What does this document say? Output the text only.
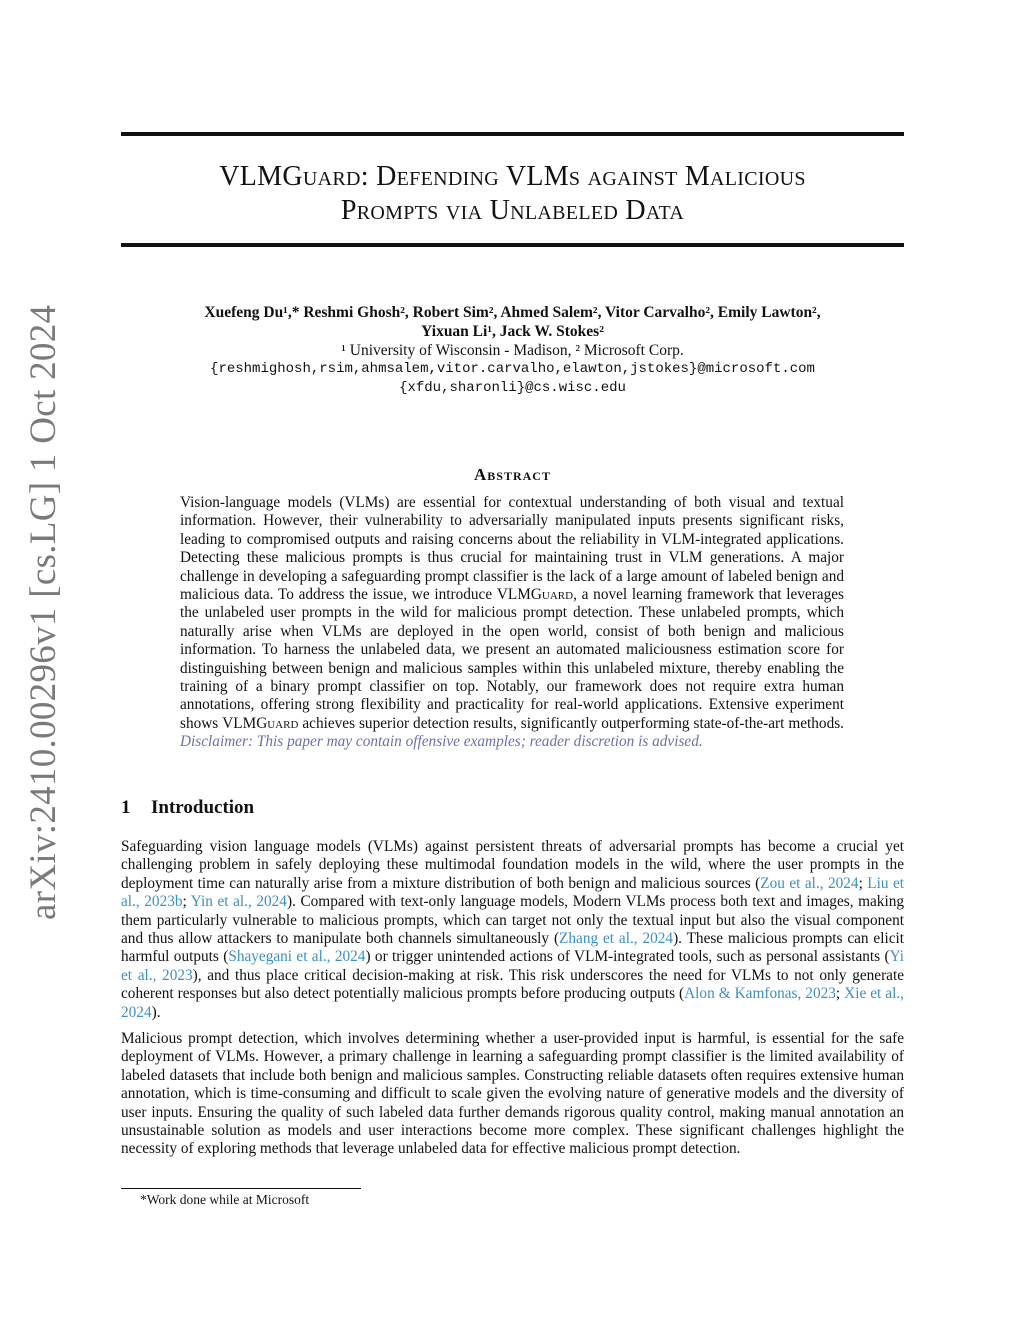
arXiv:2410.00296v1 [cs.LG] 1 Oct 2024
VLMGuard: Defending VLMs against Malicious
Prompts via Unlabeled Data
Xuefeng Du¹,* Reshmi Ghosh², Robert Sim², Ahmed Salem², Vitor Carvalho², Emily Lawton²,
Yixuan Li¹, Jack W. Stokes²
¹ University of Wisconsin - Madison, ² Microsoft Corp.
{reshmighosh,rsim,ahmsalem,vitor.carvalho,elawton,jstokes}@microsoft.com
{xfdu,sharonli}@cs.wisc.edu
Abstract
Vision-language models (VLMs) are essential for contextual understanding of both visual and textual information. However, their vulnerability to adversarially manipulated inputs presents significant risks, leading to compromised outputs and raising concerns about the reliability in VLM-integrated applications. Detecting these malicious prompts is thus crucial for maintaining trust in VLM generations. A major challenge in developing a safeguarding prompt classifier is the lack of a large amount of labeled benign and malicious data. To address the issue, we introduce VLMGuard, a novel learning framework that leverages the unlabeled user prompts in the wild for malicious prompt detection. These unlabeled prompts, which naturally arise when VLMs are deployed in the open world, consist of both benign and malicious information. To harness the unlabeled data, we present an automated maliciousness estimation score for distinguishing between benign and malicious samples within this unlabeled mixture, thereby enabling the training of a binary prompt classifier on top. Notably, our framework does not require extra human annotations, offering strong flexibility and practicality for real-world applications. Extensive experiment shows VLMGuard achieves superior detection results, significantly outperforming state-of-the-art methods. Disclaimer: This paper may contain offensive examples; reader discretion is advised.
1 Introduction
Safeguarding vision language models (VLMs) against persistent threats of adversarial prompts has become a crucial yet challenging problem in safely deploying these multimodal foundation models in the wild, where the user prompts in the deployment time can naturally arise from a mixture distribution of both benign and malicious sources (Zou et al., 2024; Liu et al., 2023b; Yin et al., 2024). Compared with text-only language models, Modern VLMs process both text and images, making them particularly vulnerable to malicious prompts, which can target not only the textual input but also the visual component and thus allow attackers to manipulate both channels simultaneously (Zhang et al., 2024). These malicious prompts can elicit harmful outputs (Shayegani et al., 2024) or trigger unintended actions of VLM-integrated tools, such as personal assistants (Yi et al., 2023), and thus place critical decision-making at risk. This risk underscores the need for VLMs to not only generate coherent responses but also detect potentially malicious prompts before producing outputs (Alon & Kamfonas, 2023; Xie et al., 2024).
Malicious prompt detection, which involves determining whether a user-provided input is harmful, is essential for the safe deployment of VLMs. However, a primary challenge in learning a safeguarding prompt classifier is the limited availability of labeled datasets that include both benign and malicious samples. Constructing reliable datasets often requires extensive human annotation, which is time-consuming and difficult to scale given the evolving nature of generative models and the diversity of user inputs. Ensuring the quality of such labeled data further demands rigorous quality control, making manual annotation an unsustainable solution as models and user interactions become more complex. These significant challenges highlight the necessity of exploring methods that leverage unlabeled data for effective malicious prompt detection.
*Work done while at Microsoft
